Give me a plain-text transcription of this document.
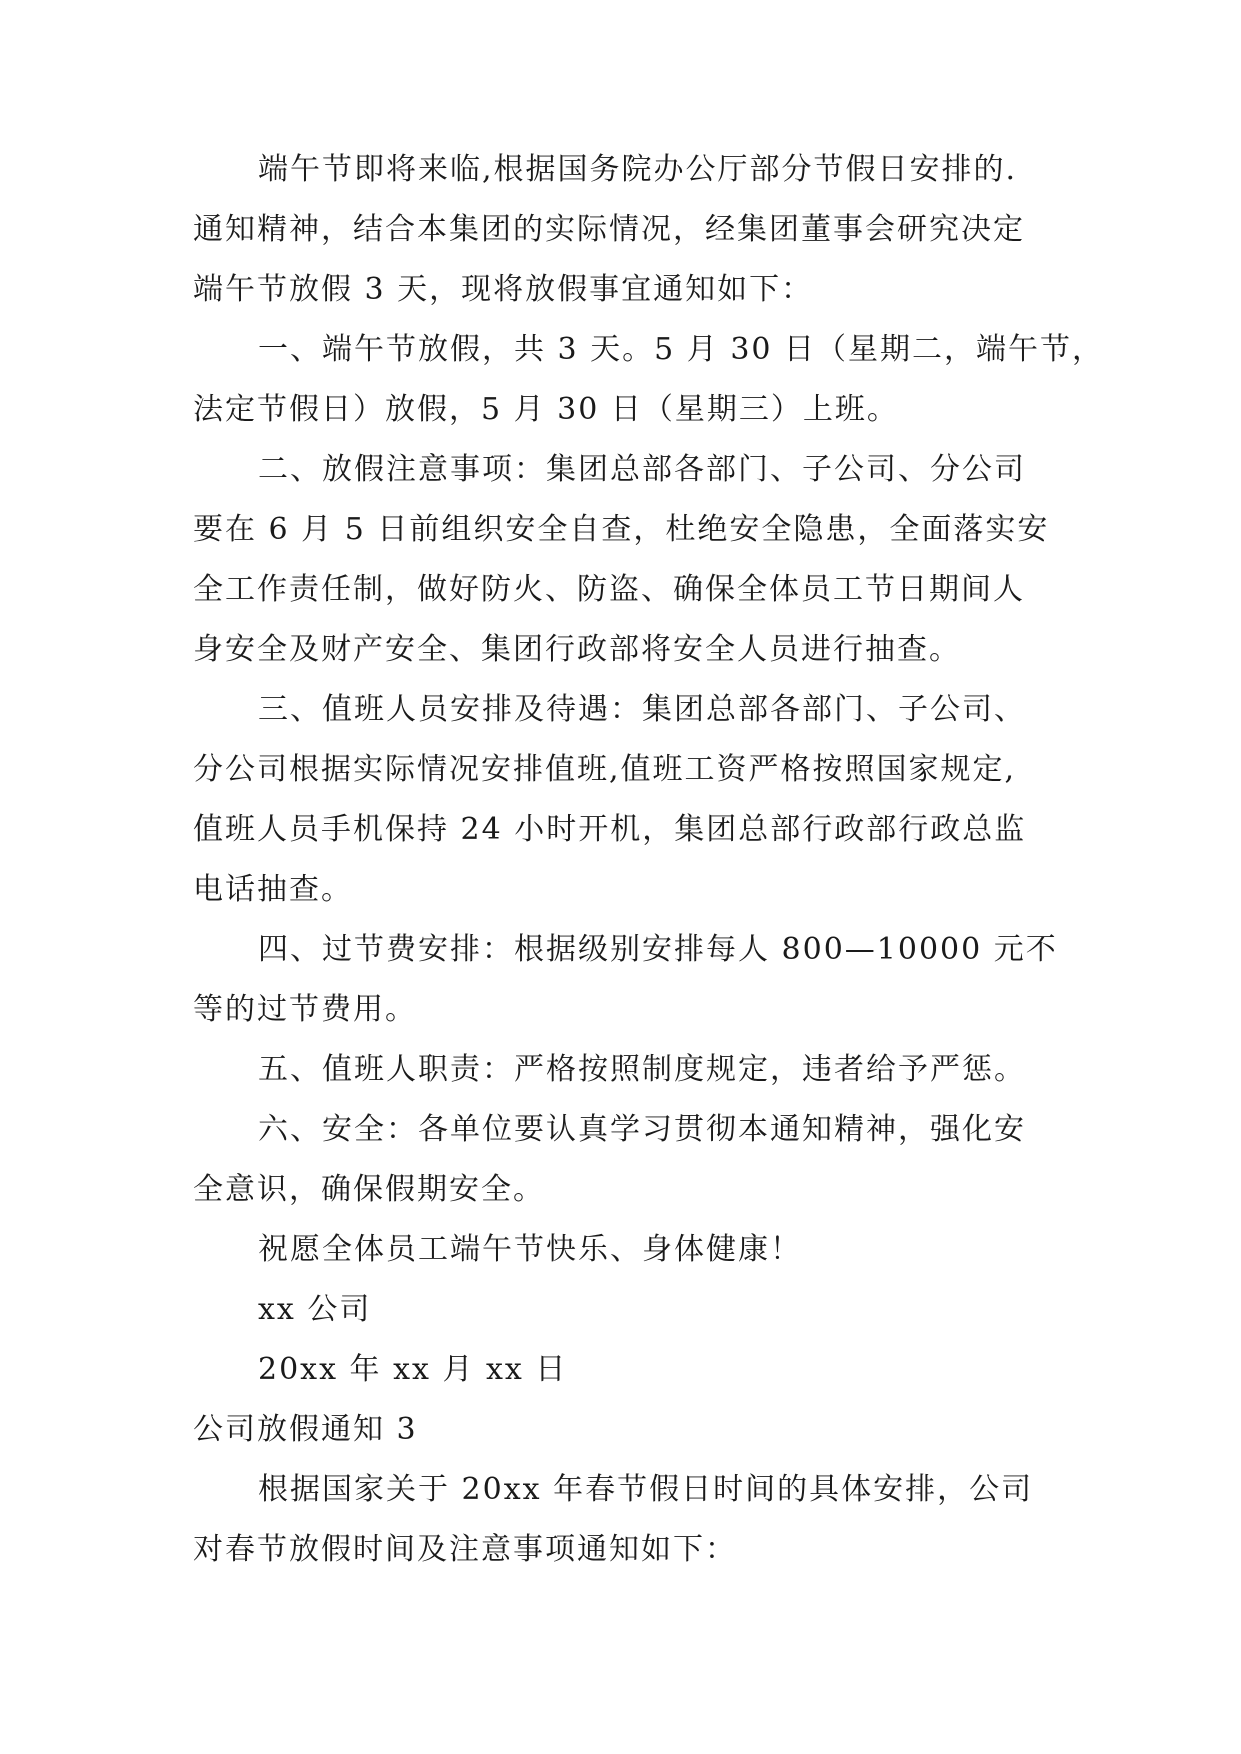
端午节即将来临,根据国务院办公厅部分节假日安排的.
通知精神，结合本集团的实际情况，经集团董事会研究决定
端午节放假 3 天，现将放假事宜通知如下：
一、端午节放假，共 3 天。5 月 30 日（星期二，端午节，
法定节假日）放假，5 月 30 日（星期三）上班。
二、放假注意事项：集团总部各部门、子公司、分公司
要在 6 月 5 日前组织安全自查，杜绝安全隐患，全面落实安
全工作责任制，做好防火、防盗、确保全体员工节日期间人
身安全及财产安全、集团行政部将安全人员进行抽查。
三、值班人员安排及待遇：集团总部各部门、子公司、
分公司根据实际情况安排值班,值班工资严格按照国家规定,
值班人员手机保持 24 小时开机，集团总部行政部行政总监
电话抽查。
四、过节费安排：根据级别安排每人 800—10000 元不
等的过节费用。
五、值班人职责：严格按照制度规定，违者给予严惩。
六、安全：各单位要认真学习贯彻本通知精神，强化安
全意识，确保假期安全。
祝愿全体员工端午节快乐、身体健康！
xx 公司
20xx 年 xx 月 xx 日
公司放假通知 3
根据国家关于 20xx 年春节假日时间的具体安排，公司
对春节放假时间及注意事项通知如下：
